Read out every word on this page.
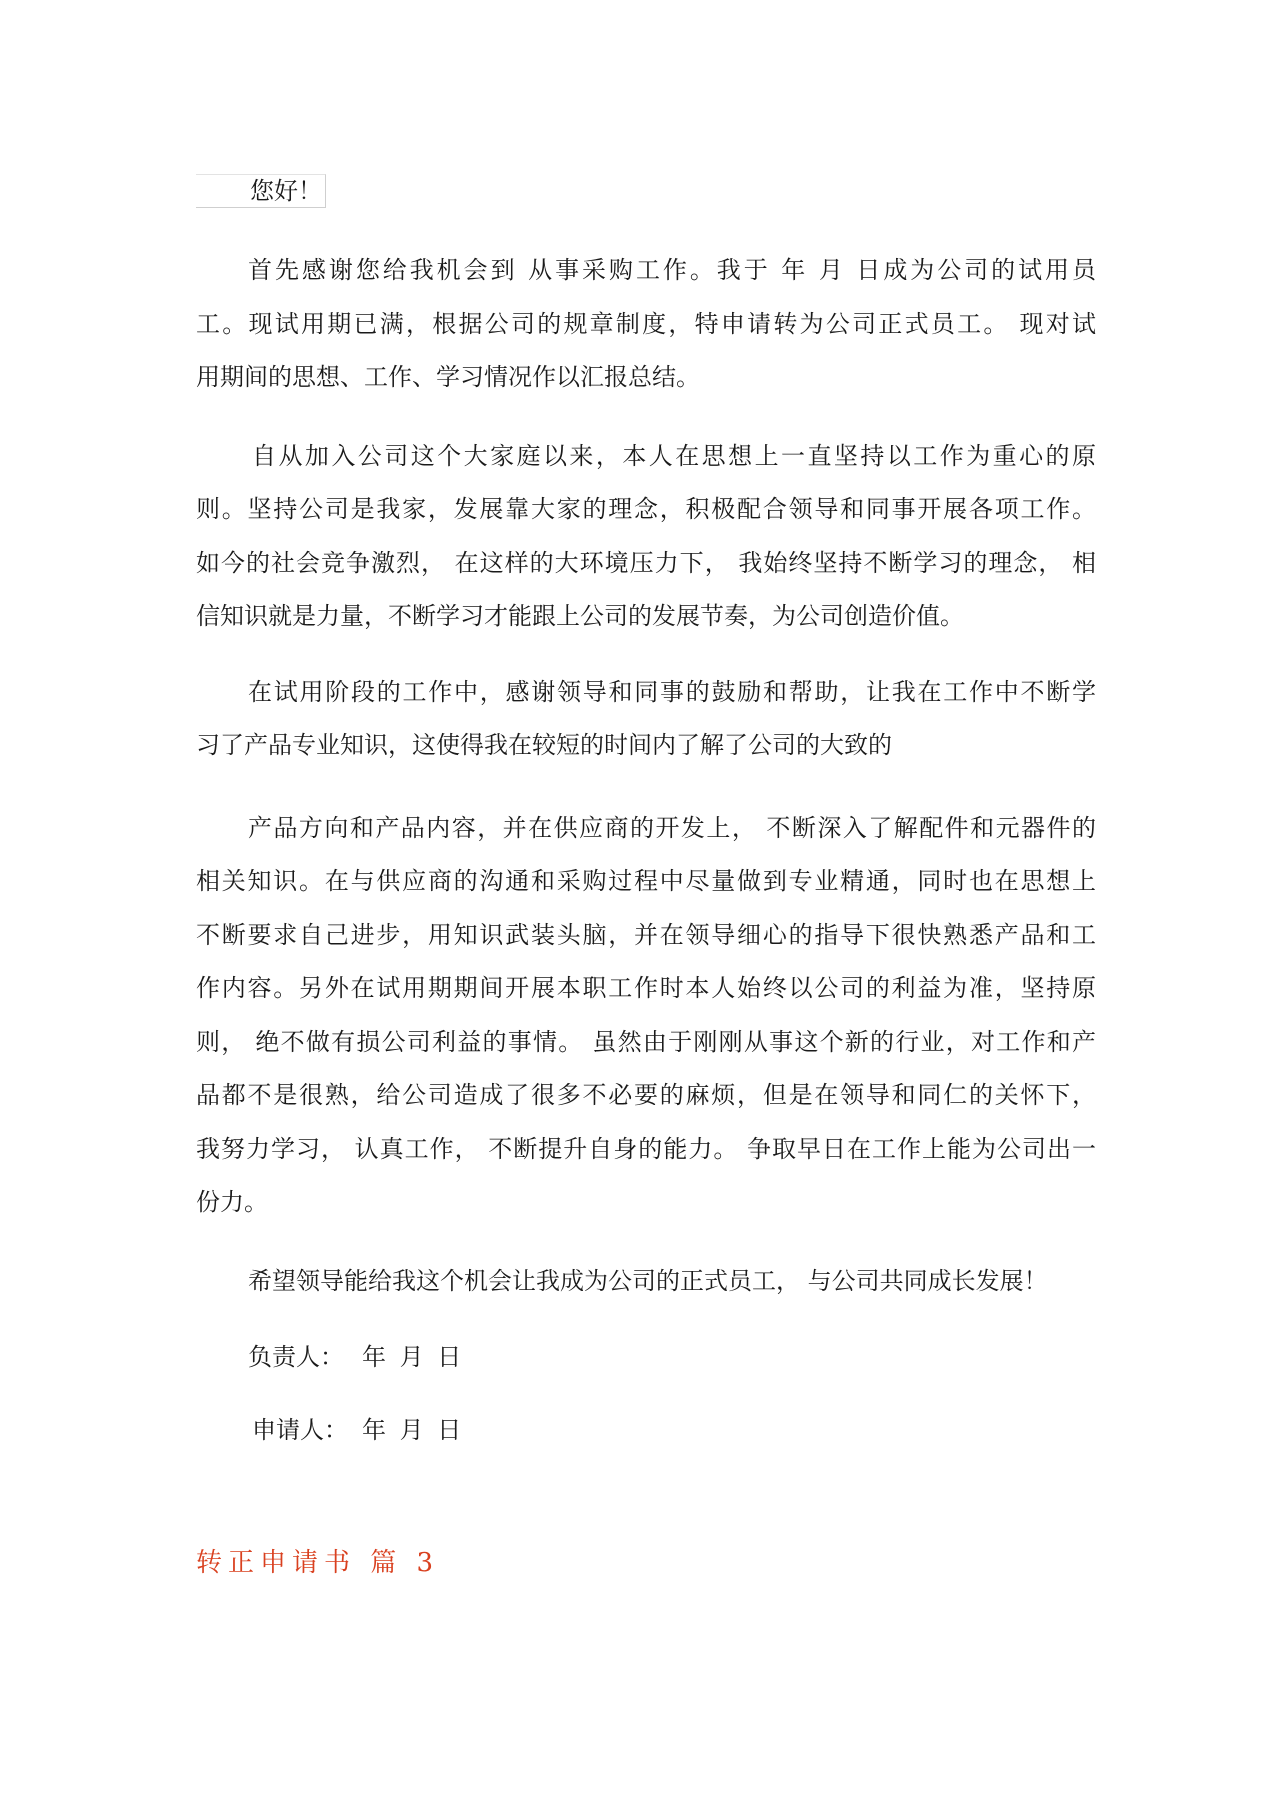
您好！
首先感谢您给我机会到 从事采购工作。我于 年 月 日成为公司的试用员
工。现试用期已满，根据公司的规章制度，特申请转为公司正式员工。 现对试
用期间的思想、工作、学习情况作以汇报总结。
自从加入公司这个大家庭以来，本人在思想上一直坚持以工作为重心的原
则。坚持公司是我家，发展靠大家的理念，积极配合领导和同事开展各项工作。
如今的社会竞争激烈， 在这样的大环境压力下， 我始终坚持不断学习的理念， 相
信知识就是力量，不断学习才能跟上公司的发展节奏，为公司创造价值。
在试用阶段的工作中，感谢领导和同事的鼓励和帮助，让我在工作中不断学
习了产品专业知识，这使得我在较短的时间内了解了公司的大致的
产品方向和产品内容，并在供应商的开发上， 不断深入了解配件和元器件的
相关知识。在与供应商的沟通和采购过程中尽量做到专业精通，同时也在思想上
不断要求自己进步，用知识武装头脑，并在领导细心的指导下很快熟悉产品和工
作内容。另外在试用期期间开展本职工作时本人始终以公司的利益为准，坚持原
则， 绝不做有损公司利益的事情。 虽然由于刚刚从事这个新的行业，对工作和产
品都不是很熟，给公司造成了很多不必要的麻烦，但是在领导和同仁的关怀下，
我努力学习， 认真工作， 不断提升自身的能力。 争取早日在工作上能为公司出一
份力。
希望领导能给我这个机会让我成为公司的正式员工， 与公司共同成长发展！
负责人： 年 月 日
申请人： 年 月 日
转正申请书 篇 3
